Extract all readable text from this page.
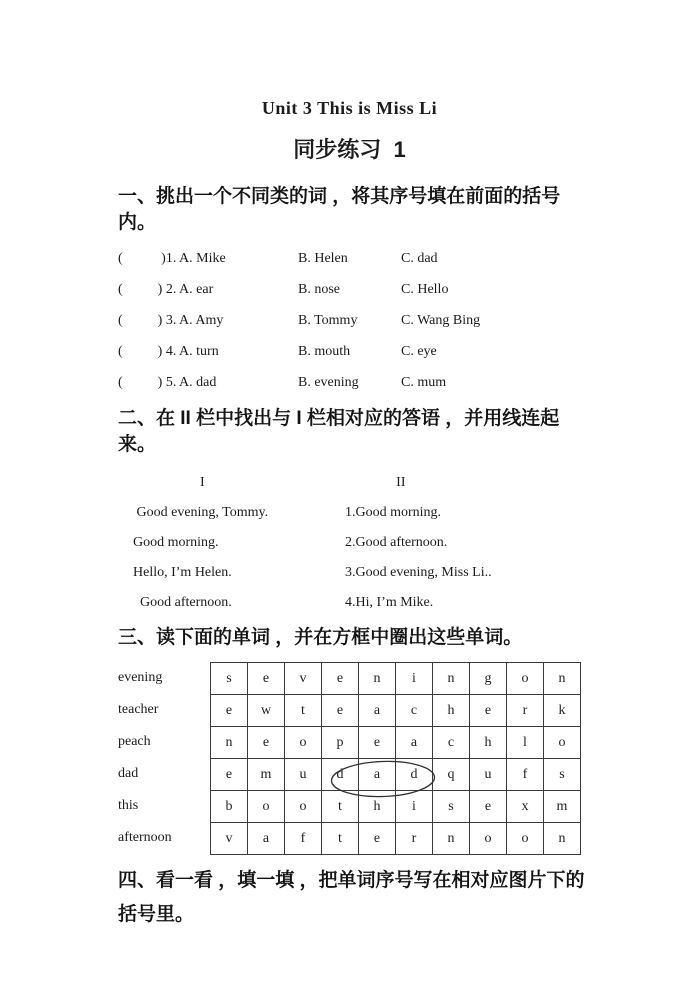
Unit 3 This is Miss Li
同步练习  1
一、挑出一个不同类的词 ，将其序号填在前面的括号内。
(           )1. A. Mike	B. Helen	C. dad
(          ) 2. A. ear	B. nose	C. Hello
(          ) 3. A. Amy	B. Tommy	C. Wang Bing
(          ) 4. A. turn	B. mouth	C. eye
(          ) 5. A. dad	B. evening	C. mum
二、在 II 栏中找出与 I 栏相对应的答语 ，并用线连起来。
I	II
Good evening, Tommy.	1.Good morning.
Good morning.	2.Good afternoon.
Hello, I’m Helen.	3.Good evening, Miss Li..
Good afternoon.	4.Hi, I’m Mike.
三、读下面的单词 ，并在方框中圈出这些单词。
evening
teacher
peach
dad
this
afternoon
s	e	v	e	n	i	n	g	o	n
e	w	t	e	a	c	h	e	r	k
n	e	o	p	e	a	c	h	l	o
e	m	u	d	a	d	q	u	f	s
b	o	o	t	h	i	s	e	x	m
v	a	f	t	e	r	n	o	o	n
四、看一看 ，填一填 ，把单词序号写在相对应图片下的
括号里。
